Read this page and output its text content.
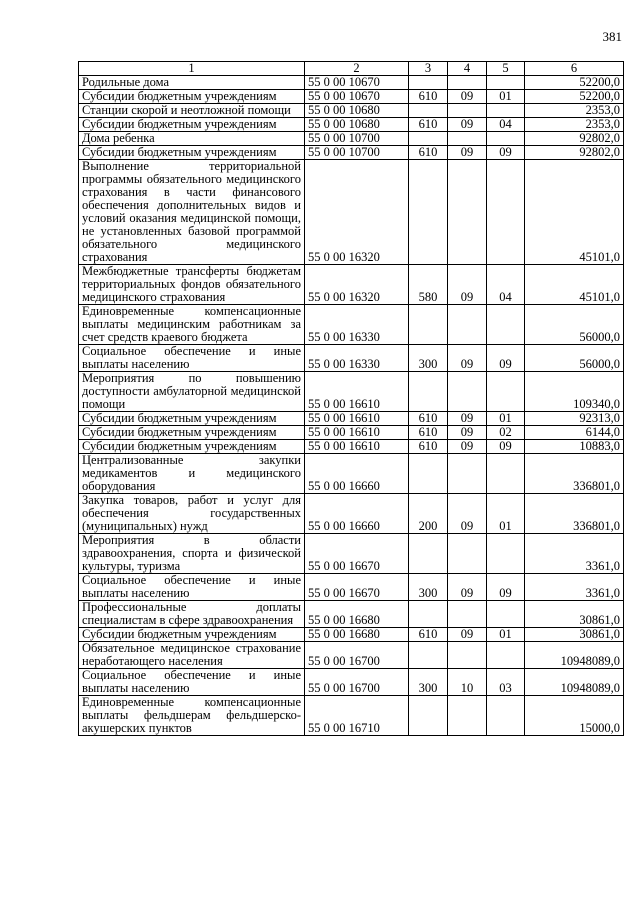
381
1	2	3	4	5	6
Родильные дома	55 0 00 10670				52200,0
Субсидии бюджетным учреждениям	55 0 00 10670	610	09	01	52200,0
Станции скорой и неотложной помощи	55 0 00 10680				2353,0
Субсидии бюджетным учреждениям	55 0 00 10680	610	09	04	2353,0
Дома ребенка	55 0 00 10700				92802,0
Субсидии бюджетным учреждениям	55 0 00 10700	610	09	09	92802,0
Выполнение территориальной программы обязательного медицинского страхования в части финансового обеспечения дополнительных видов и условий оказания медицинской помощи, не установленных базовой программой обязательного медицинского страхования	55 0 00 16320				45101,0
Межбюджетные трансферты бюджетам территориальных фондов обязательного медицинского страхования	55 0 00 16320	580	09	04	45101,0
Единовременные компенсационные выплаты медицинским работникам за счет средств краевого бюджета	55 0 00 16330				56000,0
Социальное обеспечение и иные выплаты населению	55 0 00 16330	300	09	09	56000,0
Мероприятия по повышению доступности амбулаторной медицинской помощи	55 0 00 16610				109340,0
Субсидии бюджетным учреждениям	55 0 00 16610	610	09	01	92313,0
Субсидии бюджетным учреждениям	55 0 00 16610	610	09	02	6144,0
Субсидии бюджетным учреждениям	55 0 00 16610	610	09	09	10883,0
Централизованные закупки медикаментов и медицинского оборудования	55 0 00 16660				336801,0
Закупка товаров, работ и услуг для обеспечения государственных (муниципальных) нужд	55 0 00 16660	200	09	01	336801,0
Мероприятия в области здравоохранения, спорта и физической культуры, туризма	55 0 00 16670				3361,0
Социальное обеспечение и иные выплаты населению	55 0 00 16670	300	09	09	3361,0
Профессиональные доплаты специалистам в сфере здравоохранения	55 0 00 16680				30861,0
Субсидии бюджетным учреждениям	55 0 00 16680	610	09	01	30861,0
Обязательное медицинское страхование неработающего населения	55 0 00 16700				10948089,0
Социальное обеспечение и иные выплаты населению	55 0 00 16700	300	10	03	10948089,0
Единовременные компенсационные выплаты фельдшерам фельдшерско-акушерских пунктов	55 0 00 16710				15000,0
